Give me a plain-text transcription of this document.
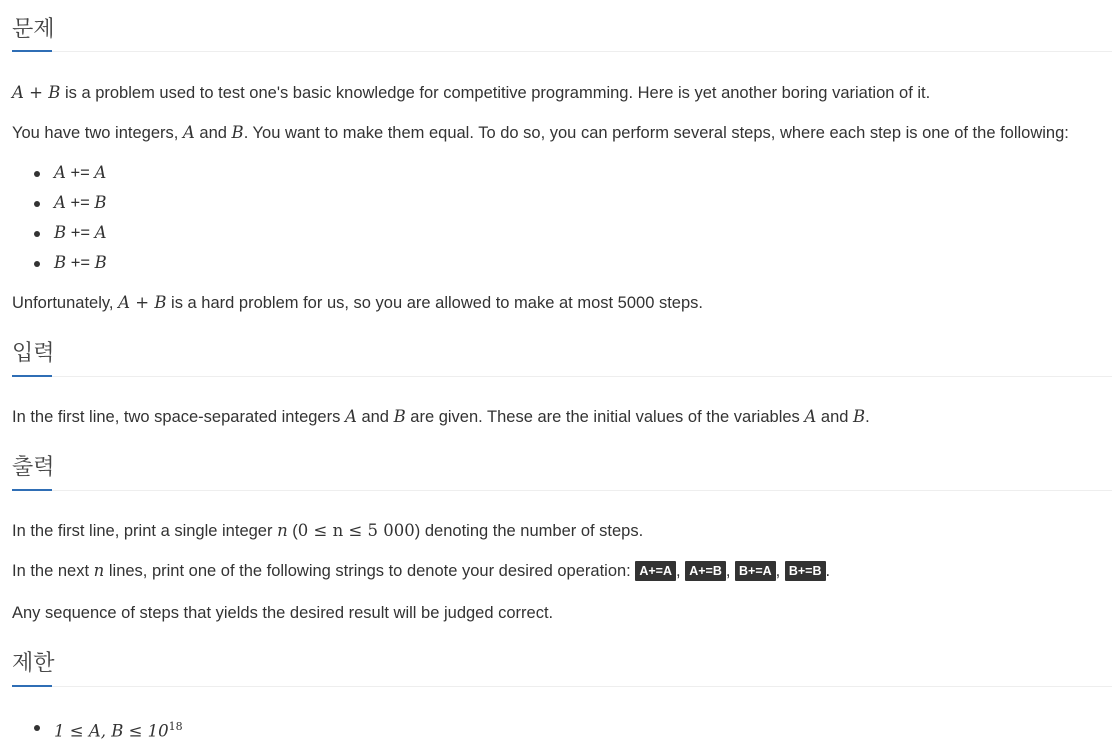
문제

A + B is a problem used to test one's basic knowledge for competitive programming. Here is yet another boring variation of it.

You have two integers, A and B. You want to make them equal. To do so, you can perform several steps, where each step is one of the following:

A += A
A += B
B += A
B += B

Unfortunately, A + B is a hard problem for us, so you are allowed to make at most 5000 steps.

입력

In the first line, two space-separated integers A and B are given. These are the initial values of the variables A and B.

출력

In the first line, print a single integer n (0 ≤ n ≤ 5 000) denoting the number of steps.

In the next n lines, print one of the following strings to denote your desired operation: A+=A , A+=B , B+=A , B+=B .

Any sequence of steps that yields the desired result will be judged correct.

제한
1 ≤ A, $B \le 10^{18}$
